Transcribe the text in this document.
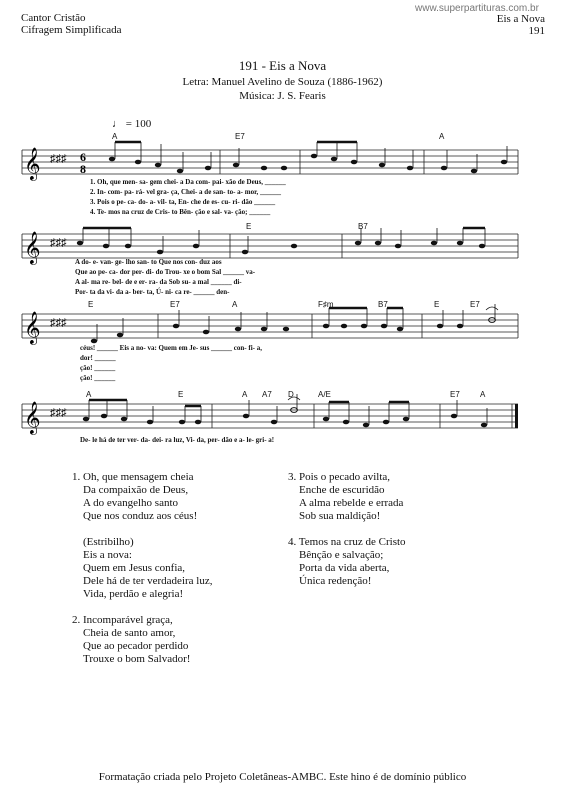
Cantor Cristão
Cifragem Simplificada
www.superpartituras.com.br
Eis a Nova
191
191 - Eis a Nova
Letra: Manuel Avelino de Souza (1886-1962)
Música: J. S. Fearis
♩ = 100
A	E7	A
𝄞 ♯♯♯ 6
8
1. Oh, que men- sa- gem chei- a Da com- pai- xão de Deus, ______
2. In- com- pa- rá- vel gra- ça, Chei- a de san- to- a- mor, ______
3. Pois o pe- ca- do- a- vil- ta, En- che de es- cu- ri- dão ______
4. Te- mos na cruz de Cris- to Bên- ção e sal- va- ção; ______
E	B7
𝄞 ♯♯♯
A do- e- van- ge- lho san- to Que nos con- duz aos
Que ao pe- ca- dor per- di- do Trou- xe o bom Sal ______ va-
A al- ma re- bel- de e er- ra- da Sob su- a mal ______ di-
Por- ta da vi- da a- ber- ta, Ú- ni- ca re- ______ den-
E	E7	A	F♯m	B7	E	E7
𝄞 ♯♯♯
céus! ______ Eis a no- va: Quem em Je- sus ______ con- fi- a,
dor! ______
ção! ______
ção! ______
A	E	A A7 D	A/E	E7	A
𝄞 ♯♯♯
De- le há de ter ver- da- dei- ra luz, Vi- da, per- dão e a- le- gri- a!
1. Oh, que mensagem cheia
Da compaixão de Deus,
A do evangelho santo
Que nos conduz aos céus!
(Estribilho)
Eis a nova:
Quem em Jesus confia,
Dele há de ter verdadeira luz,
Vida, perdão e alegria!
2. Incomparável graça,
Cheia de santo amor,
Que ao pecador perdido
Trouxe o bom Salvador!
3. Pois o pecado avilta,
Enche de escuridão
A alma rebelde e errada
Sob sua maldição!
4. Temos na cruz de Cristo
Bênção e salvação;
Porta da vida aberta,
Única redenção!
Formatação criada pelo Projeto Coletâneas-AMBC. Este hino é de domínio público
